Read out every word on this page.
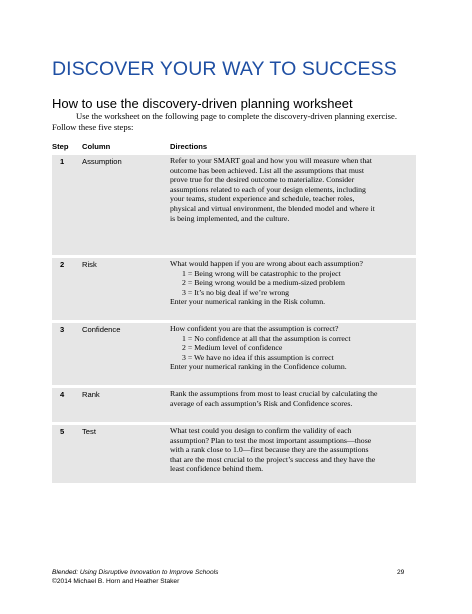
DISCOVER YOUR WAY TO SUCCESS
How to use the discovery-driven planning worksheet

Use the worksheet on the following page to complete the discovery-driven planning exercise. Follow these five steps:

Step Column	Directions
1 Assumption	Refer to your SMART goal and how you will measure when that
outcome has been achieved. List all the assumptions that must
prove true for the desired outcome to materialize. Consider
assumptions related to each of your design elements, including
your teams, student experience and schedule, teacher roles,
physical and virtual environment, the blended model and where it
is being implemented, and the culture.
2 Risk	What would happen if you are wrong about each assumption?
1 = Being wrong will be catastrophic to the project
2 = Being wrong would be a medium-sized problem
3 = It’s no big deal if we’re wrong
Enter your numerical ranking in the Risk column.
3 Confidence	How confident you are that the assumption is correct?
1 = No confidence at all that the assumption is correct
2 = Medium level of confidence
3 = We have no idea if this assumption is correct
Enter your numerical ranking in the Confidence column.
4 Rank	Rank the assumptions from most to least crucial by calculating the
average of each assumption’s Risk and Confidence scores.
5 Test	What test could you design to confirm the validity of each
assumption? Plan to test the most important assumptions—those
with a rank close to 1.0—first because they are the assumptions
that are the most crucial to the project’s success and they have the
least confidence behind them.
Blended: Using Disruptive Innovation to Improve Schools
©2014 Michael B. Horn and Heather Staker
29
